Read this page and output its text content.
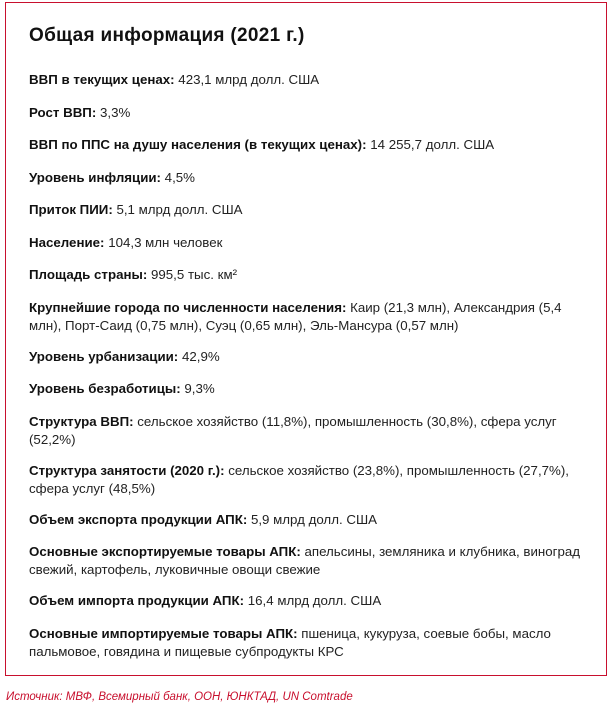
Общая информация (2021 г.)

ВВП в текущих ценах: 423,1 млрд долл. США

Рост ВВП: 3,3%

ВВП по ППС на душу населения (в текущих ценах): 14 255,7 долл. США

Уровень инфляции: 4,5%

Приток ПИИ: 5,1 млрд долл. США

Население: 104,3 млн человек

Площадь страны: 995,5 тыс. км²

Крупнейшие города по численности населения: Каир (21,3 млн), Александрия (5,4 млн), Порт-Саид (0,75 млн), Суэц (0,65 млн), Эль-Мансура (0,57 млн)

Уровень урбанизации: 42,9%

Уровень безработицы: 9,3%

Структура ВВП: сельское хозяйство (11,8%), промышленность (30,8%), сфера услуг (52,2%)

Структура занятости (2020 г.): сельское хозяйство (23,8%), промышленность (27,7%), сфера услуг (48,5%)

Объем экспорта продукции АПК: 5,9 млрд долл. США

Основные экспортируемые товары АПК: апельсины, земляника и клубника, виноград свежий, картофель, луковичные овощи свежие

Объем импорта продукции АПК: 16,4 млрд долл. США

Основные импортируемые товары АПК: пшеница, кукуруза, соевые бобы, масло пальмовое, говядина и пищевые субпродукты КРС

Источник: МВФ, Всемирный банк, ООН, ЮНКТАД, UN Comtrade
